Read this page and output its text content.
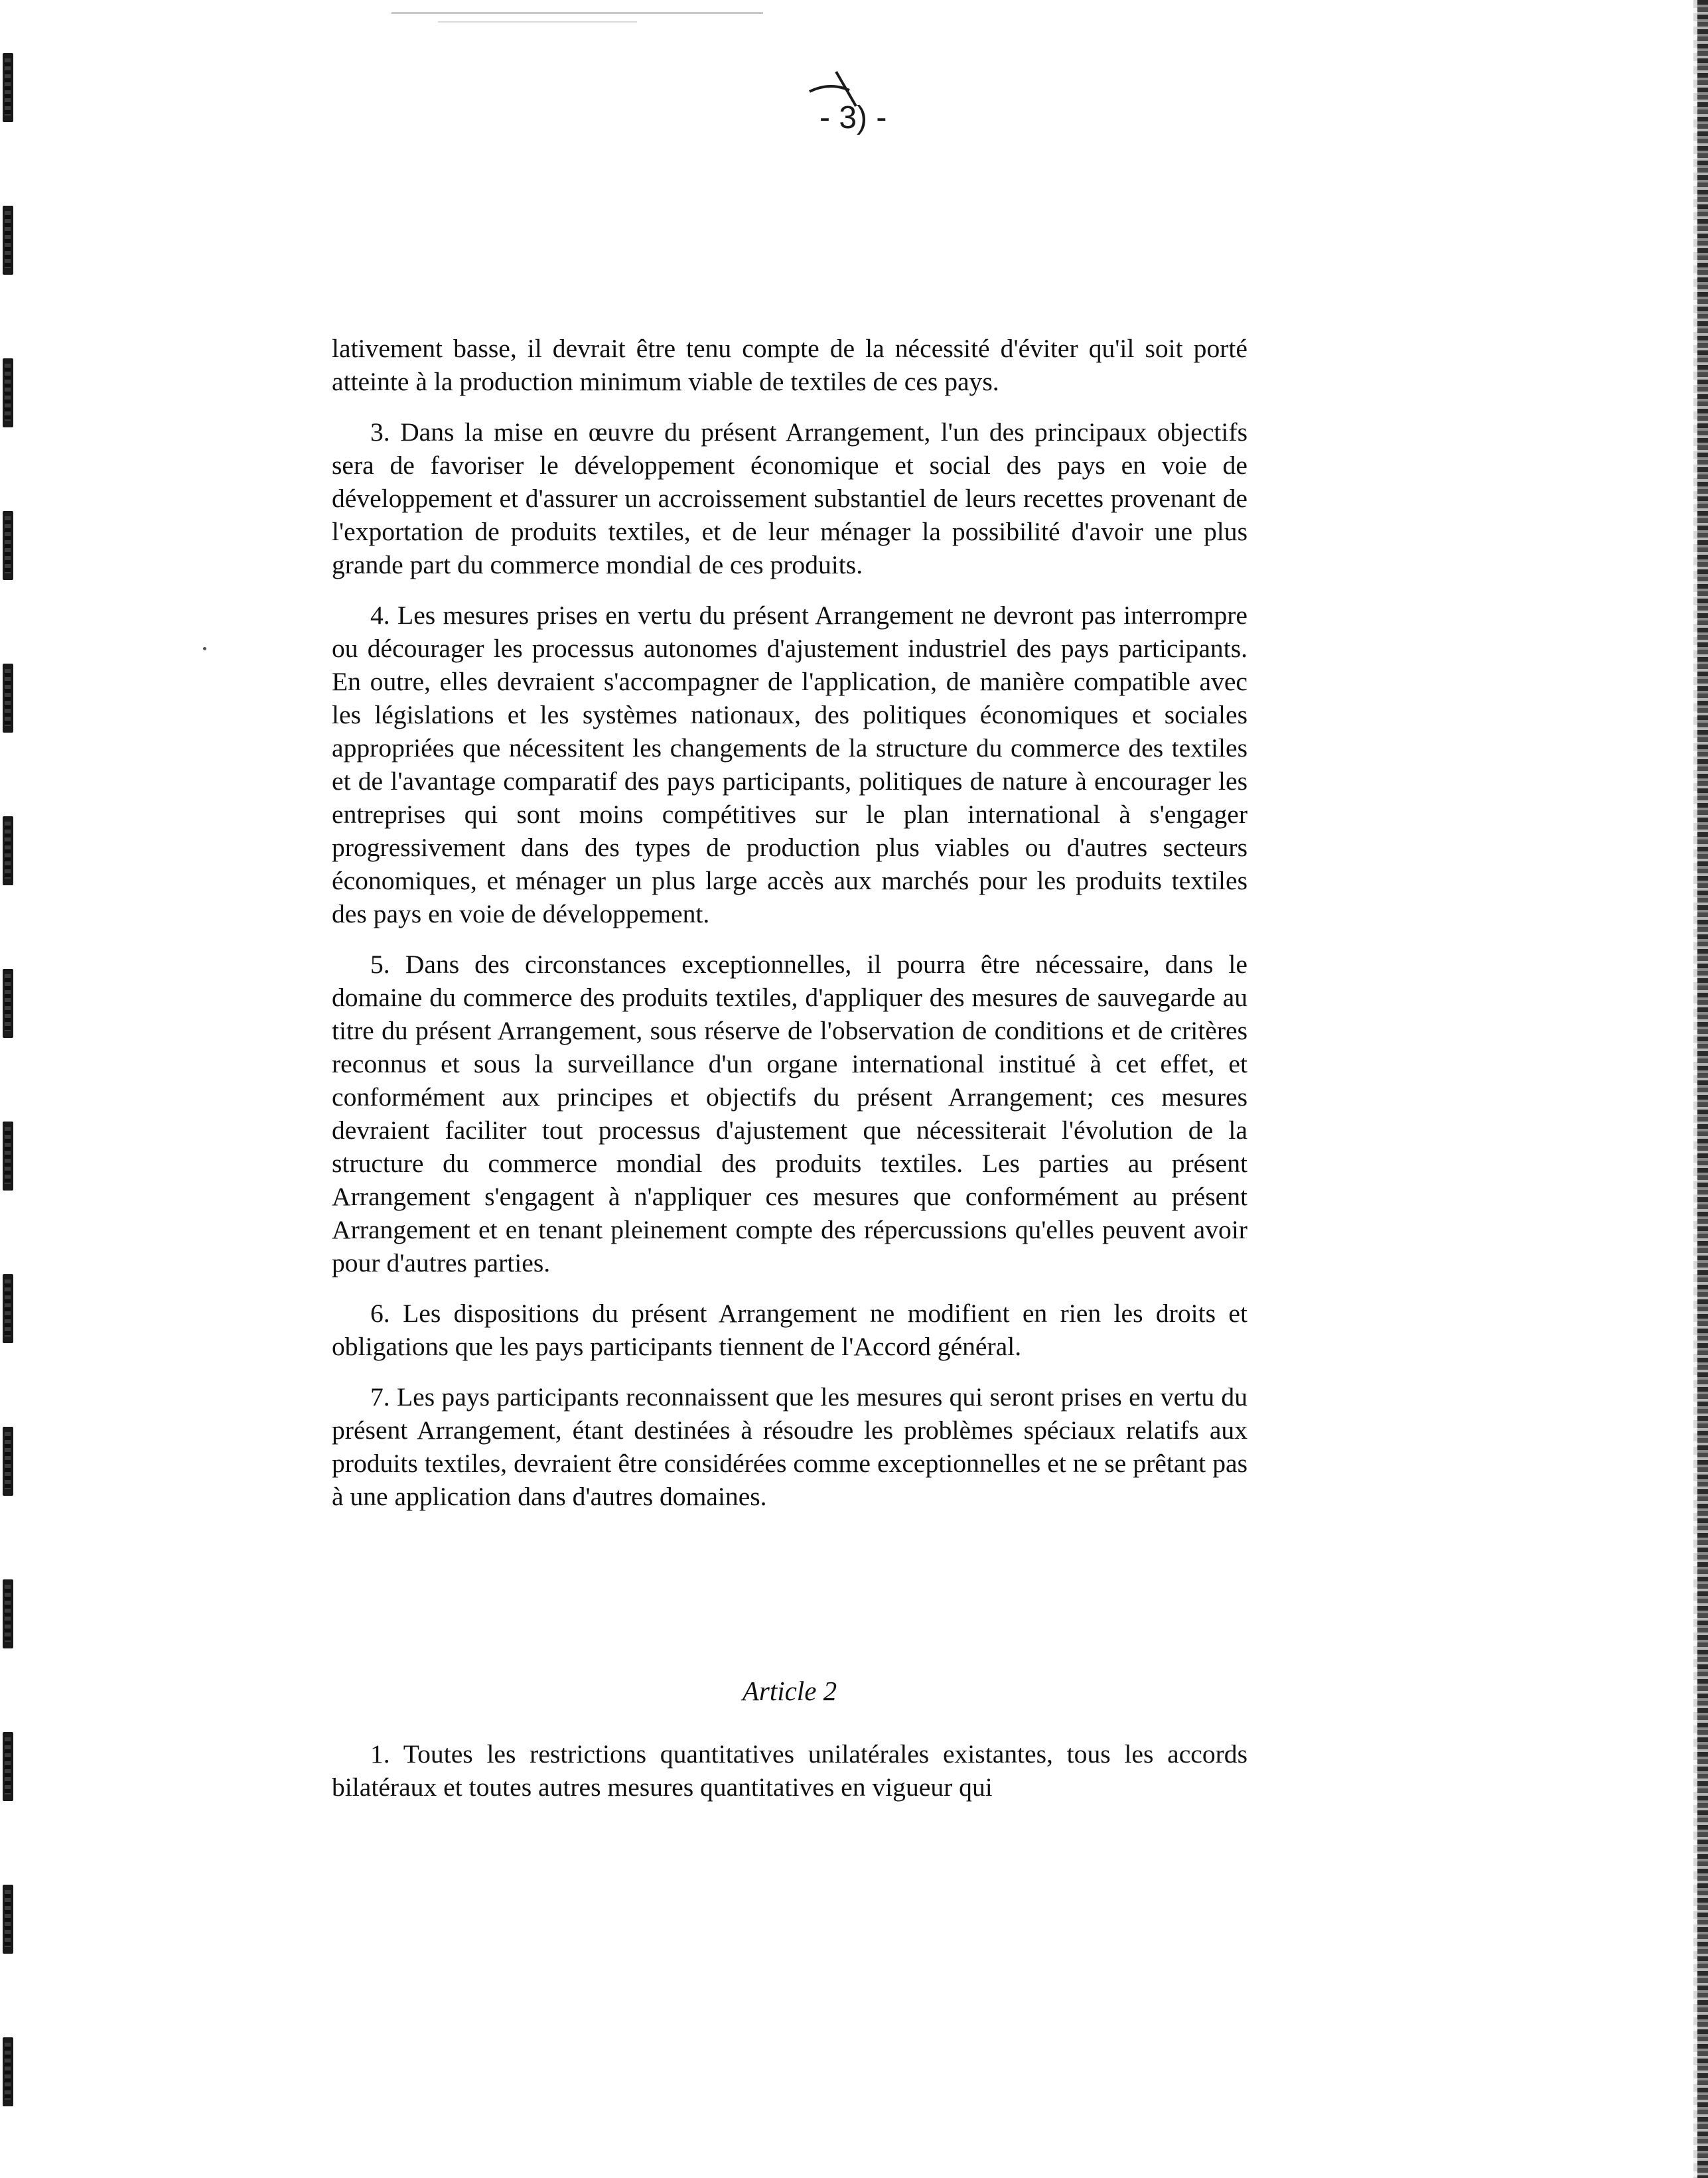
- 3) -

lativement basse, il devrait être tenu compte de la nécessité d'éviter qu'il soit porté atteinte à la production minimum viable de textiles de ces pays.

3. Dans la mise en œuvre du présent Arrangement, l'un des principaux objectifs sera de favoriser le développement économique et social des pays en voie de développement et d'assurer un accroissement substantiel de leurs recettes provenant de l'exportation de produits textiles, et de leur ménager la possibilité d'avoir une plus grande part du commerce mondial de ces produits.

4. Les mesures prises en vertu du présent Arrangement ne devront pas interrompre ou décourager les processus autonomes d'ajustement industriel des pays participants. En outre, elles devraient s'accompagner de l'application, de manière compatible avec les législations et les systèmes nationaux, des politiques économiques et sociales appropriées que nécessitent les changements de la structure du commerce des textiles et de l'avantage comparatif des pays participants, politiques de nature à encourager les entreprises qui sont moins compétitives sur le plan international à s'engager progressivement dans des types de production plus viables ou d'autres secteurs économiques, et ménager un plus large accès aux marchés pour les produits textiles des pays en voie de développement.

5. Dans des circonstances exceptionnelles, il pourra être nécessaire, dans le domaine du commerce des produits textiles, d'appliquer des mesures de sauvegarde au titre du présent Arrangement, sous réserve de l'observation de conditions et de critères reconnus et sous la surveillance d'un organe international institué à cet effet, et conformément aux principes et objectifs du présent Arrangement; ces mesures devraient faciliter tout processus d'ajustement que nécessiterait l'évolution de la structure du commerce mondial des produits textiles. Les parties au présent Arrangement s'engagent à n'appliquer ces mesures que conformément au présent Arrangement et en tenant pleinement compte des répercussions qu'elles peuvent avoir pour d'autres parties.

6. Les dispositions du présent Arrangement ne modifient en rien les droits et obligations que les pays participants tiennent de l'Accord général.

7. Les pays participants reconnaissent que les mesures qui seront prises en vertu du présent Arrangement, étant destinées à résoudre les problèmes spéciaux relatifs aux produits textiles, devraient être considérées comme exceptionnelles et ne se prêtant pas à une application dans d'autres domaines.

Article 2

1. Toutes les restrictions quantitatives unilatérales existantes, tous les accords bilatéraux et toutes autres mesures quantitatives en vigueur qui
